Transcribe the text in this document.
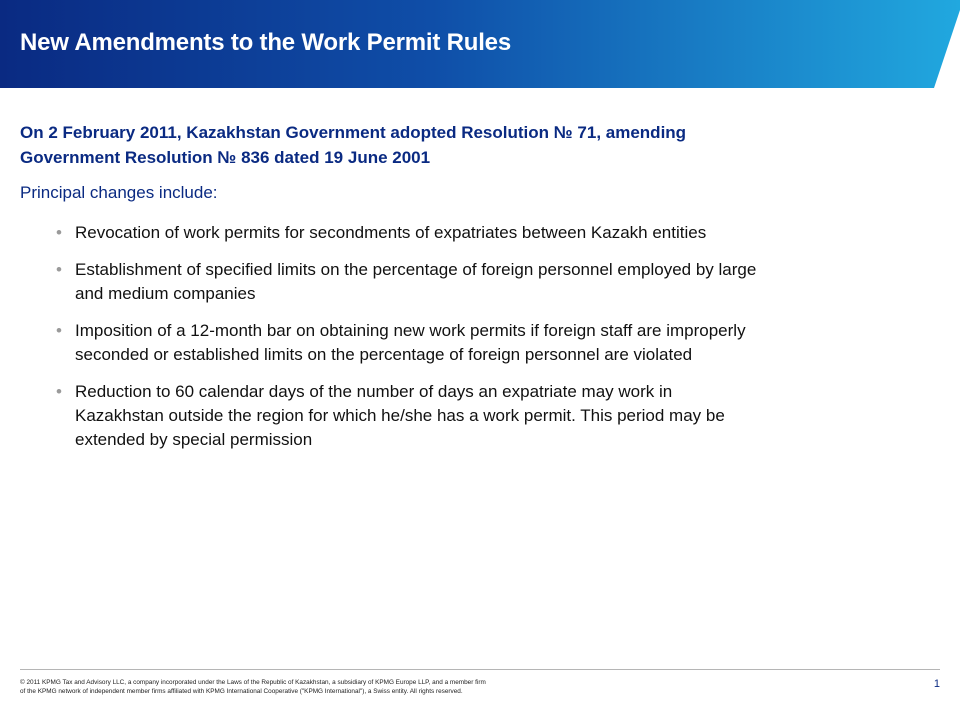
New Amendments to the Work Permit Rules

On 2 February 2011, Kazakhstan Government adopted Resolution № 71, amending
Government Resolution № 836 dated 19 June 2001

Principal changes include:

• Revocation of work permits for secondments of expatriates between Kazakh entities
• Establishment of specified limits on the percentage of foreign personnel employed by large
and medium companies
• Imposition of a 12-month bar on obtaining new work permits if foreign staff are improperly
seconded or established limits on the percentage of foreign personnel are violated
• Reduction to 60 calendar days of the number of days an expatriate may work in
Kazakhstan outside the region for which he/she has a work permit. This period may be
extended by special permission

© 2011 KPMG Tax and Advisory LLC, a company incorporated under the Laws of the Republic of Kazakhstan, a subsidiary of KPMG Europe LLP, and a member firm
of the KPMG network of independent member firms affiliated with KPMG International Cooperative ("KPMG International"), a Swiss entity. All rights reserved.

1
